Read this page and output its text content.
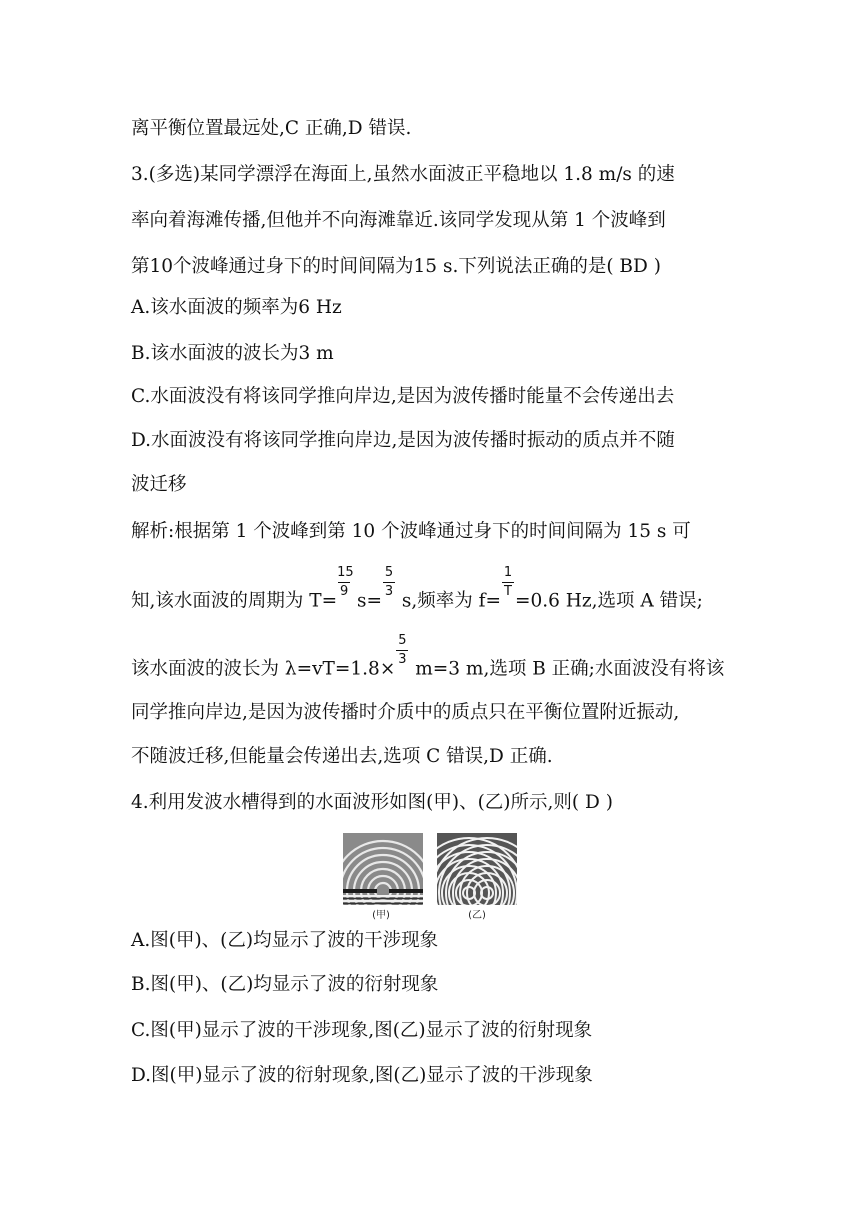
离平衡位置最远处,C 正确,D 错误.
3.(多选)某同学漂浮在海面上,虽然水面波正平稳地以 1.8 m/s 的速
率向着海滩传播,但他并不向海滩靠近.该同学发现从第 1 个波峰到
第10个波峰通过身下的时间间隔为15 s.下列说法正确的是( BD )
A.该水面波的频率为6 Hz
B.该水面波的波长为3 m
C.水面波没有将该同学推向岸边,是因为波传播时能量不会传递出去
D.水面波没有将该同学推向岸边,是因为波传播时振动的质点并不随
波迁移
解析:根据第 1 个波峰到第 10 个波峰通过身下的时间间隔为 15 s 可
知,该水面波的周期为 $T= \frac{15}{9} s= \frac{5}{3} s$,频率为 $f= \frac{1}{T} =0.6$ Hz,选项 A 错误;
该水面波的波长为 $\lambda=vT=1.8\times \frac{5}{3} m=3$ m,选项 B 正确;水面波没有将该
同学推向岸边,是因为波传播时介质中的质点只在平衡位置附近振动,
不随波迁移,但能量会传递出去,选项 C 错误,D 正确.
4.利用发波水槽得到的水面波形如图(甲)、(乙)所示,则( D )
(甲)	(乙)
A.图(甲)、(乙)均显示了波的干涉现象
B.图(甲)、(乙)均显示了波的衍射现象
C.图(甲)显示了波的干涉现象,图(乙)显示了波的衍射现象
D.图(甲)显示了波的衍射现象,图(乙)显示了波的干涉现象
